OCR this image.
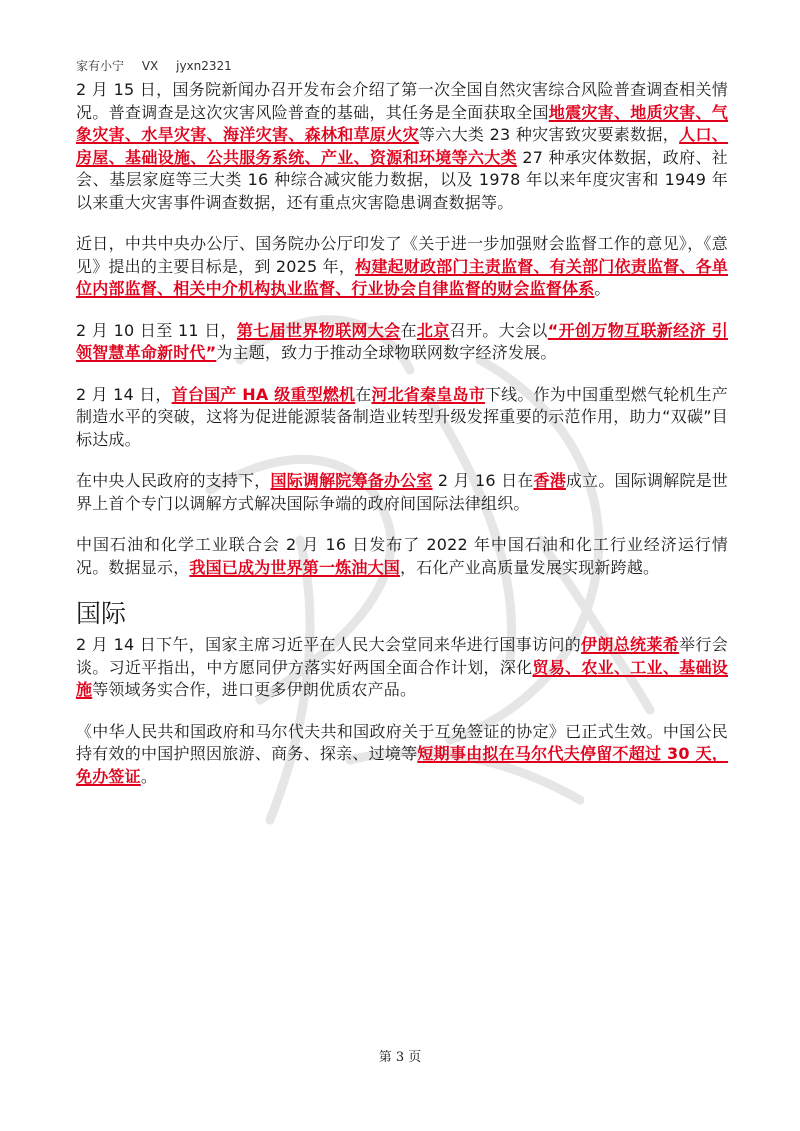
家有小宁 VX jyxn2321

2 月 15 日，国务院新闻办召开发布会介绍了第一次全国自然灾害综合风险普查调查相关情况。普查调查是这次灾害风险普查的基础，其任务是全面获取全国地震灾害、地质灾害、气象灾害、水旱灾害、海洋灾害、森林和草原火灾等六大类 23 种灾害致灾要素数据，人口、房屋、基础设施、公共服务系统、产业、资源和环境等六大类 27 种承灾体数据，政府、社会、基层家庭等三大类 16 种综合减灾能力数据，以及 1978 年以来年度灾害和 1949 年以来重大灾害事件调查数据，还有重点灾害隐患调查数据等。

近日，中共中央办公厅、国务院办公厅印发了《关于进一步加强财会监督工作的意见》，《意见》提出的主要目标是，到 2025 年，构建起财政部门主责监督、有关部门依责监督、各单位内部监督、相关中介机构执业监督、行业协会自律监督的财会监督体系。

2 月 10 日至 11 日，第七届世界物联网大会在北京召开。大会以“开创万物互联新经济 引领智慧革命新时代”为主题，致力于推动全球物联网数字经济发展。

2 月 14 日，首台国产 HA 级重型燃机在河北省秦皇岛市下线。作为中国重型燃气轮机生产制造水平的突破，这将为促进能源装备制造业转型升级发挥重要的示范作用，助力“双碳”目标达成。

在中央人民政府的支持下，国际调解院筹备办公室 2 月 16 日在香港成立。国际调解院是世界上首个专门以调解方式解决国际争端的政府间国际法律组织。

中国石油和化学工业联合会 2 月 16 日发布了 2022 年中国石油和化工行业经济运行情况。数据显示，我国已成为世界第一炼油大国，石化产业高质量发展实现新跨越。

国际

2 月 14 日下午，国家主席习近平在人民大会堂同来华进行国事访问的伊朗总统莱希举行会谈。习近平指出，中方愿同伊方落实好两国全面合作计划，深化贸易、农业、工业、基础设施等领域务实合作，进口更多伊朗优质农产品。

《中华人民共和国政府和马尔代夫共和国政府关于互免签证的协定》已正式生效。中国公民持有效的中国护照因旅游、商务、探亲、过境等短期事由拟在马尔代夫停留不超过 30 天，免办签证。

第 3 页
